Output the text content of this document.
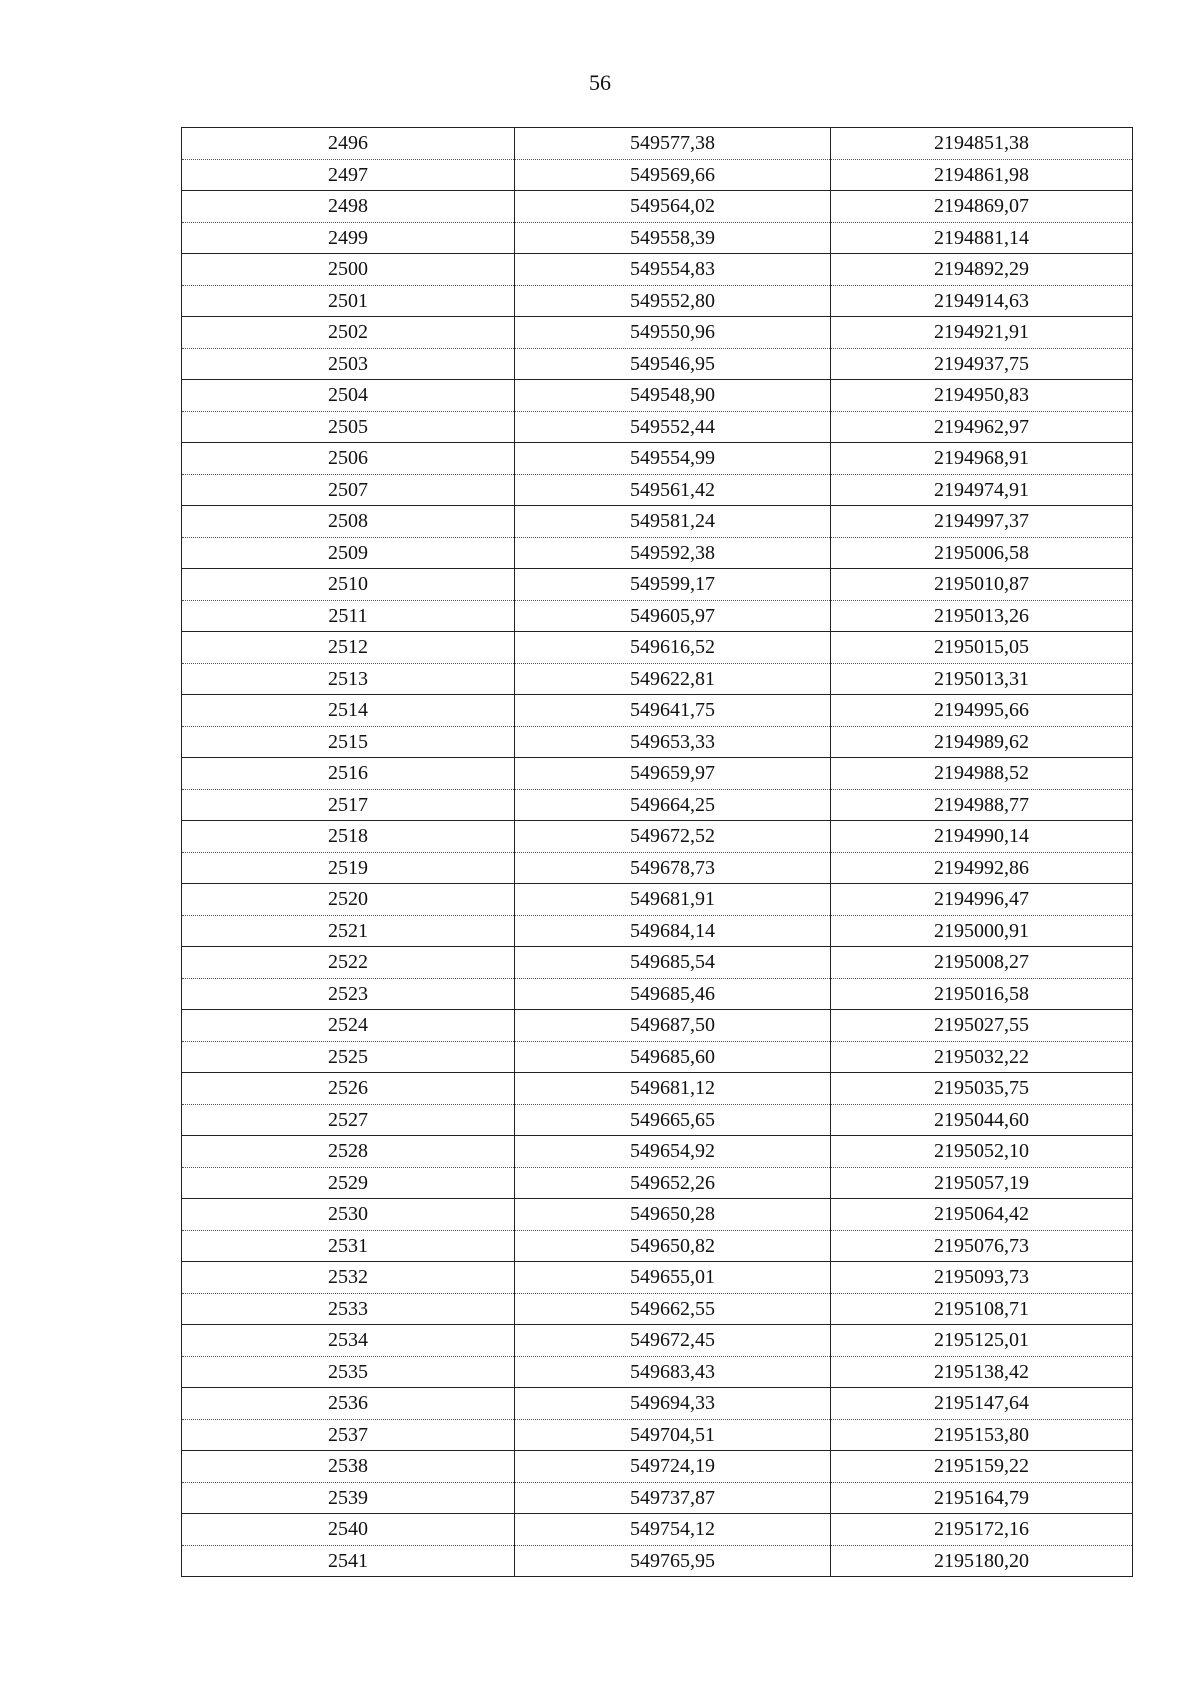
56
2496	549577,38	2194851,38
2497	549569,66	2194861,98
2498	549564,02	2194869,07
2499	549558,39	2194881,14
2500	549554,83	2194892,29
2501	549552,80	2194914,63
2502	549550,96	2194921,91
2503	549546,95	2194937,75
2504	549548,90	2194950,83
2505	549552,44	2194962,97
2506	549554,99	2194968,91
2507	549561,42	2194974,91
2508	549581,24	2194997,37
2509	549592,38	2195006,58
2510	549599,17	2195010,87
2511	549605,97	2195013,26
2512	549616,52	2195015,05
2513	549622,81	2195013,31
2514	549641,75	2194995,66
2515	549653,33	2194989,62
2516	549659,97	2194988,52
2517	549664,25	2194988,77
2518	549672,52	2194990,14
2519	549678,73	2194992,86
2520	549681,91	2194996,47
2521	549684,14	2195000,91
2522	549685,54	2195008,27
2523	549685,46	2195016,58
2524	549687,50	2195027,55
2525	549685,60	2195032,22
2526	549681,12	2195035,75
2527	549665,65	2195044,60
2528	549654,92	2195052,10
2529	549652,26	2195057,19
2530	549650,28	2195064,42
2531	549650,82	2195076,73
2532	549655,01	2195093,73
2533	549662,55	2195108,71
2534	549672,45	2195125,01
2535	549683,43	2195138,42
2536	549694,33	2195147,64
2537	549704,51	2195153,80
2538	549724,19	2195159,22
2539	549737,87	2195164,79
2540	549754,12	2195172,16
2541	549765,95	2195180,20
